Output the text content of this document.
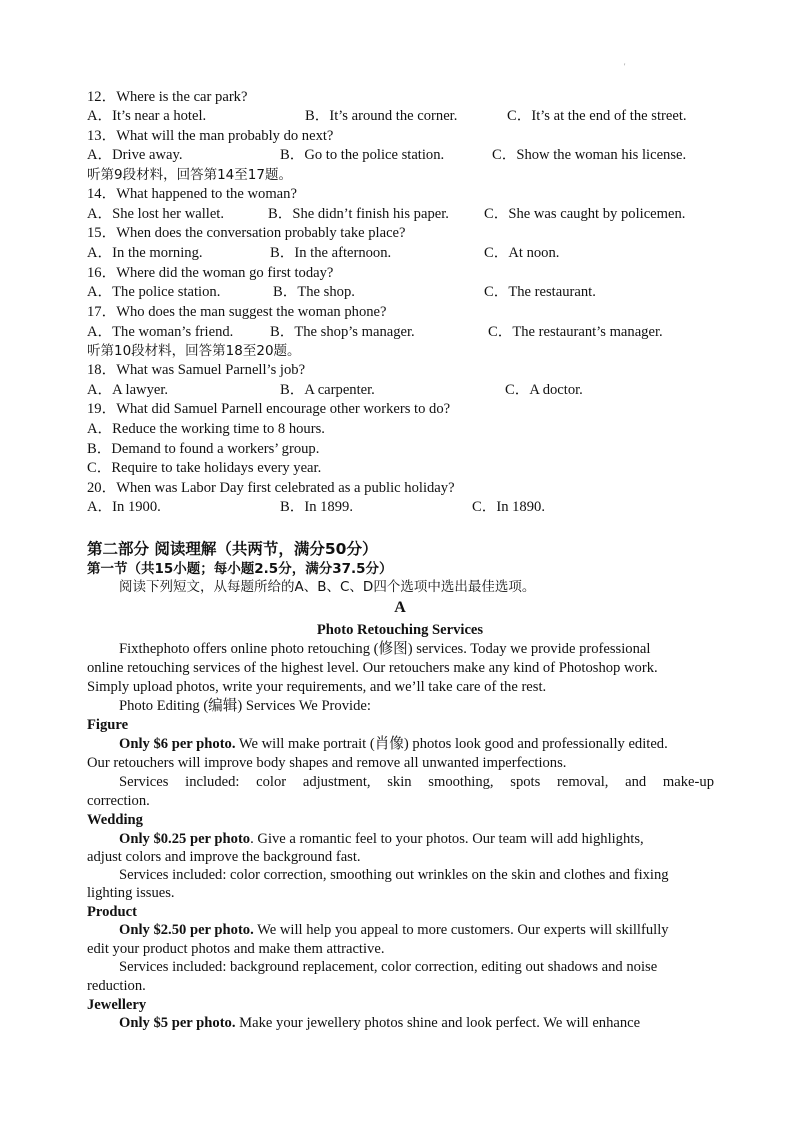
'
12．Where is the car park?
A．It’s near a hotel.	B．It’s around the corner.	C．It’s at the end of the street.
13．What will the man probably do next?
A．Drive away.	B．Go to the police station.	C．Show the woman his license.
听第9段材料，回答第14至17题。
14．What happened to the woman?
A．She lost her wallet.	B．She didn’t finish his paper. C．She was caught by policemen.
15．When does the conversation probably take place?
A．In the morning.	B．In the afternoon.	C．At noon.
16．Where did the woman go first today?
A．The police station.	B．The shop.	C．The restaurant.
17．Who does the man suggest the woman phone?
A．The woman’s friend.	B．The shop’s manager.	C．The restaurant’s manager.
听第10段材料，回答第18至20题。
18．What was Samuel Parnell’s job?
A．A lawyer.	B．A carpenter.	C．A doctor.
19．What did Samuel Parnell encourage other workers to do?
A．Reduce the working time to 8 hours.
B．Demand to found a workers’ group.
C．Require to take holidays every year.
20．When was Labor Day first celebrated as a public holiday?
A．In 1900.	B．In 1899.	C．In 1890.
第二部分 阅读理解（共两节，满分50分）
第一节（共15小题；每小题2.5分，满分37.5分）
阅读下列短文，从每题所给的A、B、C、D四个选项中选出最佳选项。
A
Photo Retouching Services
Fixthephoto offers online photo retouching (修图) services. Today we provide professional
online retouching services of the highest level. Our retouchers make any kind of Photoshop work.
Simply upload photos, write your requirements, and we’ll take care of the rest.
Photo Editing (编辑) Services We Provide:
Figure
Only $6 per photo. We will make portrait (肖像) photos look good and professionally edited.
Our retouchers will improve body shapes and remove all unwanted imperfections.
Services included: color adjustment, skin smoothing, spots removal, and make-up
correction.
Wedding
Only $0.25 per photo. Give a romantic feel to your photos. Our team will add highlights,
adjust colors and improve the background fast.
Services included: color correction, smoothing out wrinkles on the skin and clothes and fixing
lighting issues.
Product
Only $2.50 per photo. We will help you appeal to more customers. Our experts will skillfully
edit your product photos and make them attractive.
Services included: background replacement, color correction, editing out shadows and noise
reduction.
Jewellery
Only $5 per photo. Make your jewellery photos shine and look perfect. We will enhance
